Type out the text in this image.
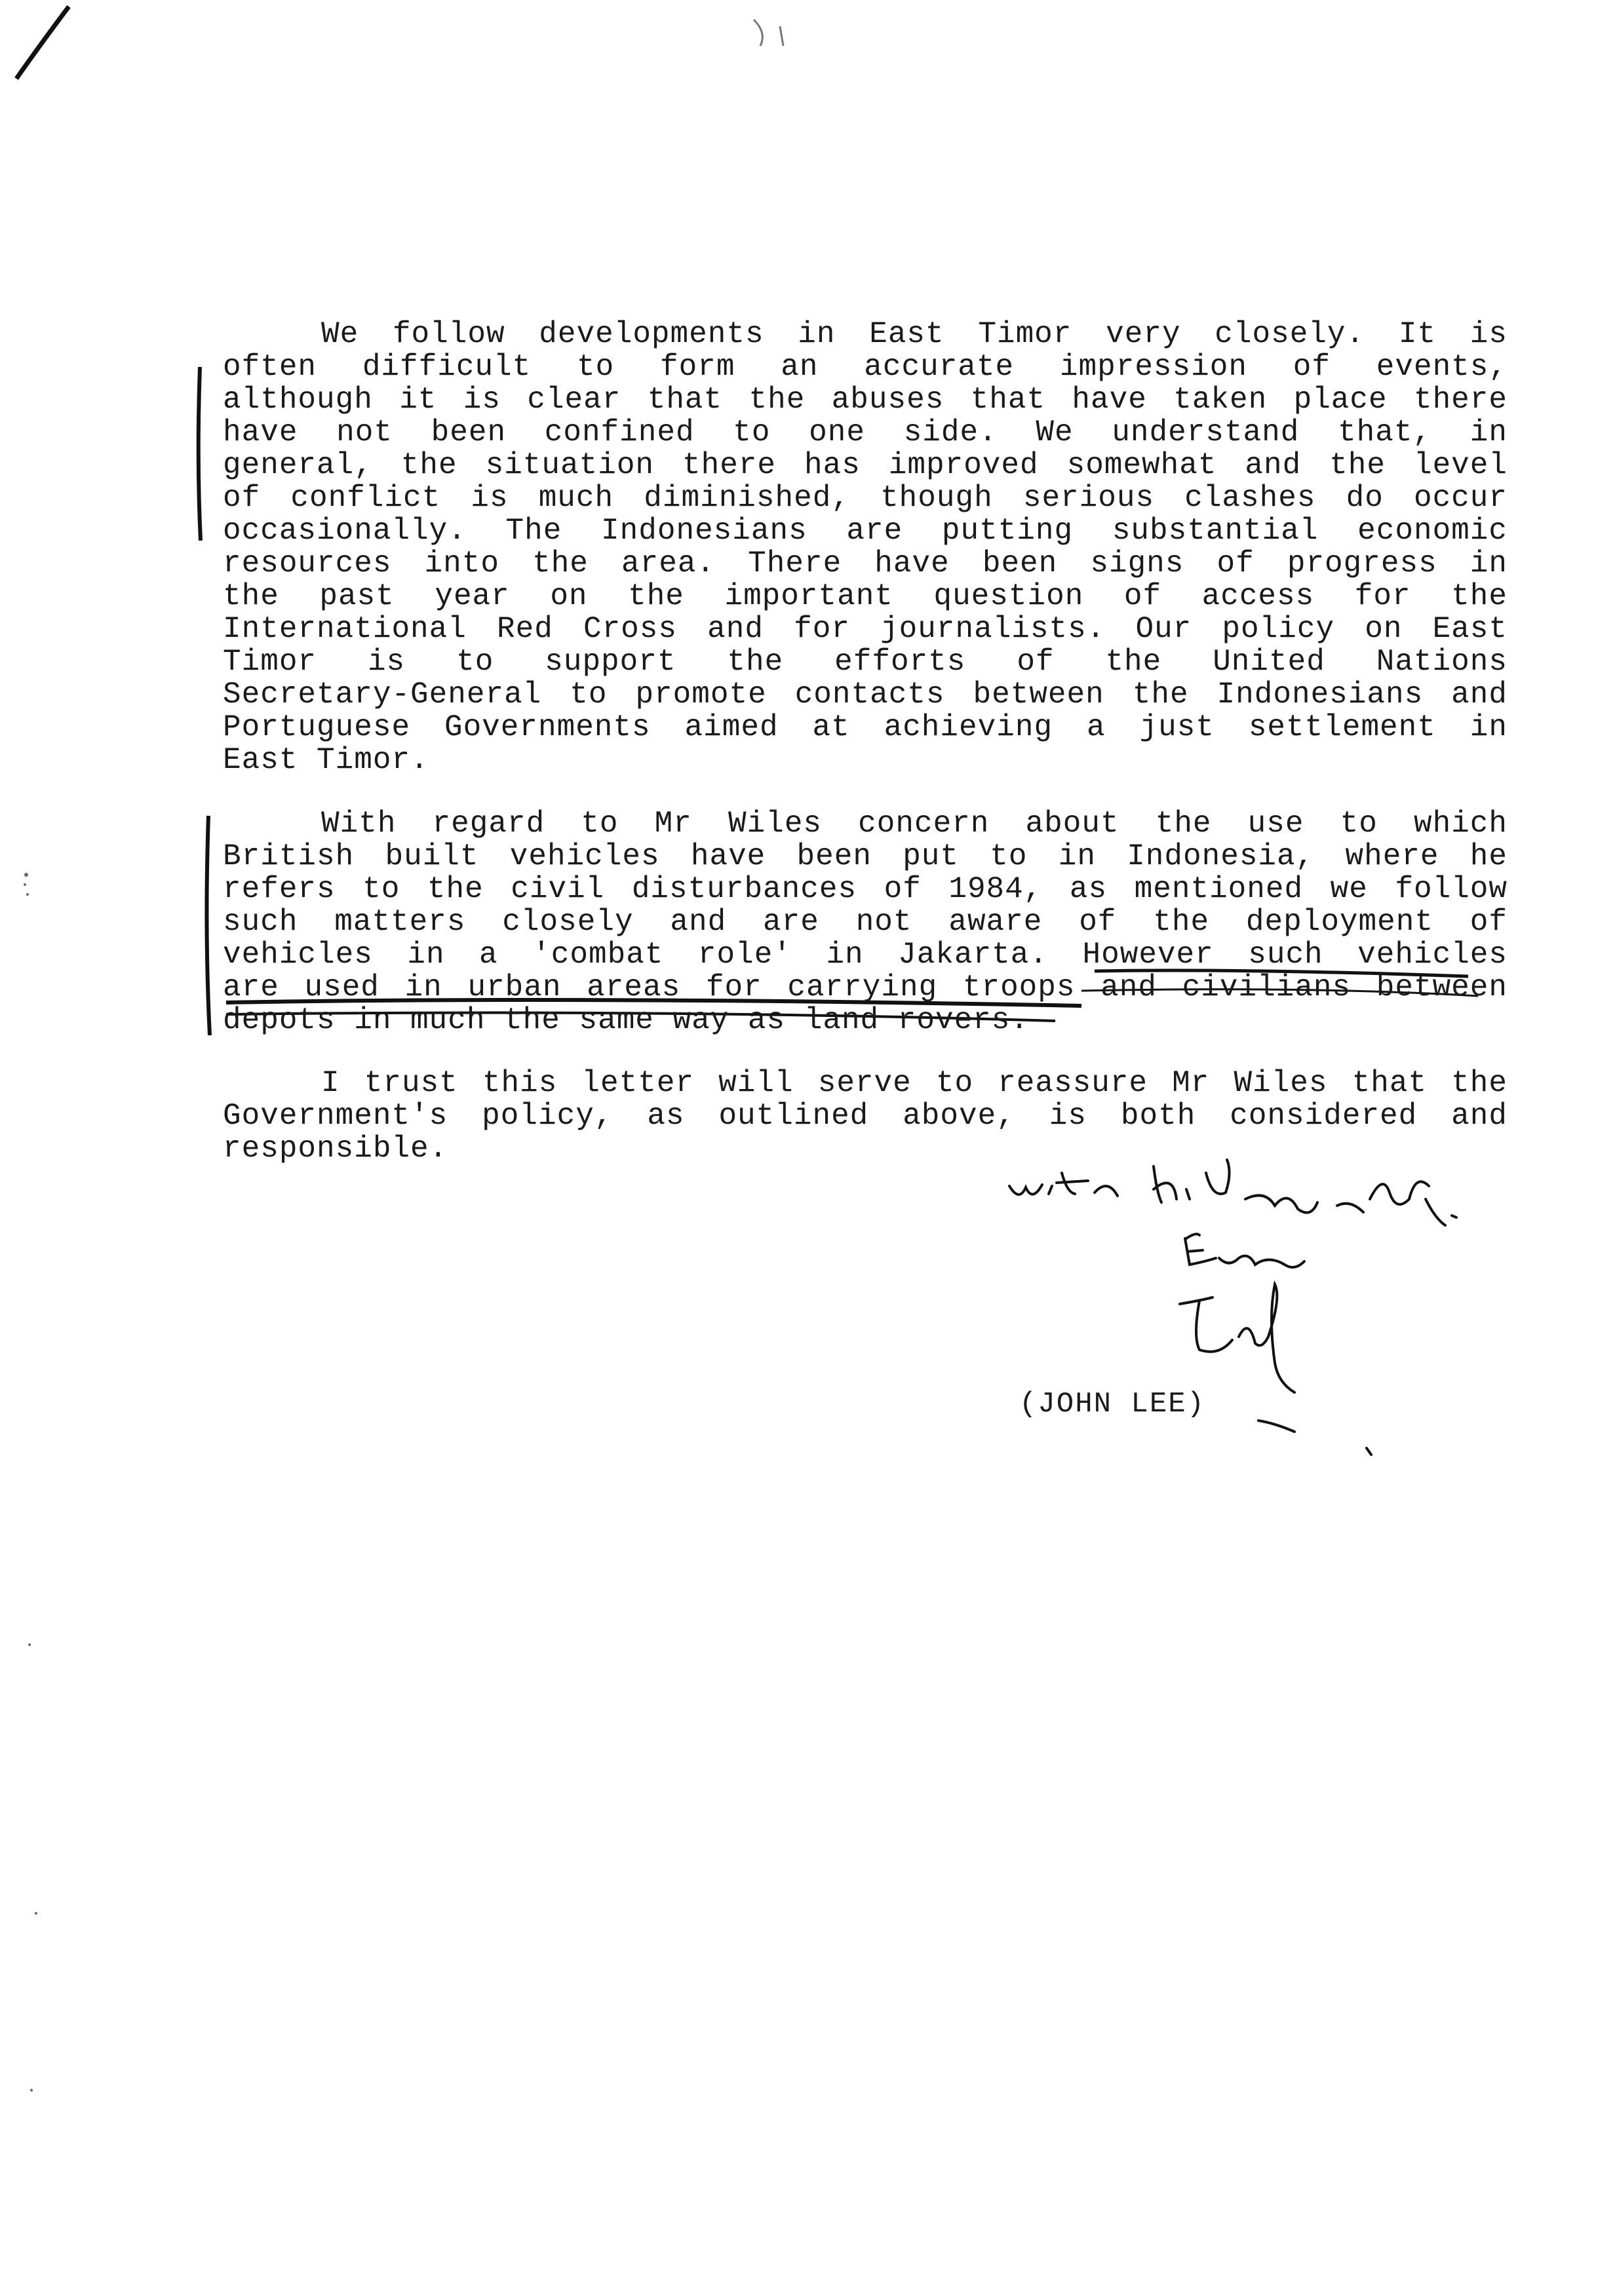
We follow developments in East Timor very closely. It is
often difficult to form an accurate impression of events,
although it is clear that the abuses that have taken place there
have not been confined to one side. We understand that, in
general, the situation there has improved somewhat and the level
of conflict is much diminished, though serious clashes do occur
occasionally. The Indonesians are putting substantial economic
resources into the area. There have been signs of progress in
the past year on the important question of access for the
International Red Cross and for journalists. Our policy on East
Timor is to support the efforts of the United Nations
Secretary-General to promote contacts between the Indonesians and
Portuguese Governments aimed at achieving a just settlement in
East Timor.
With regard to Mr Wiles concern about the use to which
British built vehicles have been put to in Indonesia, where he
refers to the civil disturbances of 1984, as mentioned we follow
such matters closely and are not aware of the deployment of
vehicles in a 'combat role' in Jakarta. However such vehicles
are used in urban areas for carrying troops and civilians between
depots in much the same way as land rovers.
I trust this letter will serve to reassure Mr Wiles that the
Government's policy, as outlined above, is both considered and
responsible.
(JOHN LEE)
